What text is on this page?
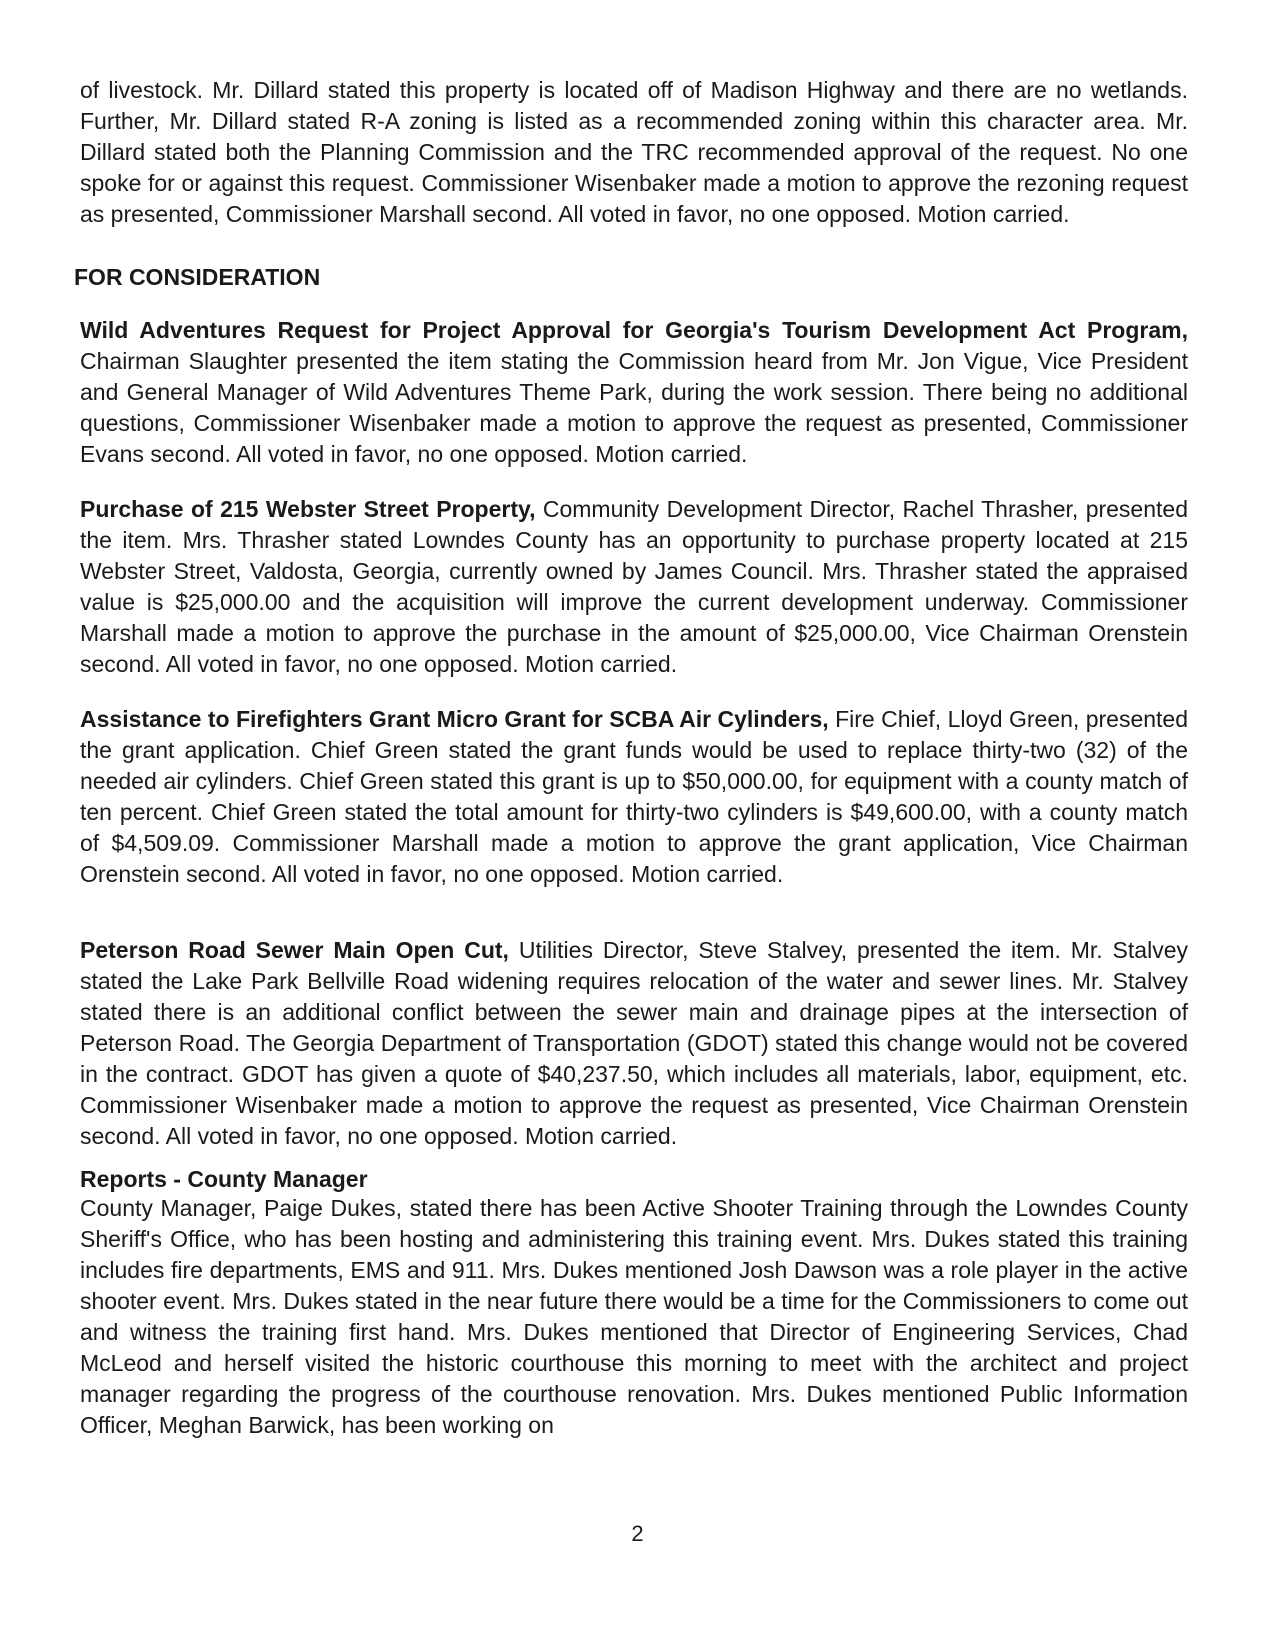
of livestock. Mr. Dillard stated this property is located off of Madison Highway and there are no wetlands. Further, Mr. Dillard stated R-A zoning is listed as a recommended zoning within this character area. Mr. Dillard stated both the Planning Commission and the TRC recommended approval of the request. No one spoke for or against this request. Commissioner Wisenbaker made a motion to approve the rezoning request as presented, Commissioner Marshall second. All voted in favor, no one opposed. Motion carried.

FOR CONSIDERATION

Wild Adventures Request for Project Approval for Georgia's Tourism Development Act Program, Chairman Slaughter presented the item stating the Commission heard from Mr. Jon Vigue, Vice President and General Manager of Wild Adventures Theme Park, during the work session. There being no additional questions, Commissioner Wisenbaker made a motion to approve the request as presented, Commissioner Evans second. All voted in favor, no one opposed. Motion carried.

Purchase of 215 Webster Street Property, Community Development Director, Rachel Thrasher, presented the item. Mrs. Thrasher stated Lowndes County has an opportunity to purchase property located at 215 Webster Street, Valdosta, Georgia, currently owned by James Council. Mrs. Thrasher stated the appraised value is $25,000.00 and the acquisition will improve the current development underway. Commissioner Marshall made a motion to approve the purchase in the amount of $25,000.00, Vice Chairman Orenstein second. All voted in favor, no one opposed. Motion carried.

Assistance to Firefighters Grant Micro Grant for SCBA Air Cylinders, Fire Chief, Lloyd Green, presented the grant application. Chief Green stated the grant funds would be used to replace thirty-two (32) of the needed air cylinders. Chief Green stated this grant is up to $50,000.00, for equipment with a county match of ten percent. Chief Green stated the total amount for thirty-two cylinders is $49,600.00, with a county match of $4,509.09. Commissioner Marshall made a motion to approve the grant application, Vice Chairman Orenstein second. All voted in favor, no one opposed. Motion carried.

Peterson Road Sewer Main Open Cut, Utilities Director, Steve Stalvey, presented the item. Mr. Stalvey stated the Lake Park Bellville Road widening requires relocation of the water and sewer lines. Mr. Stalvey stated there is an additional conflict between the sewer main and drainage pipes at the intersection of Peterson Road. The Georgia Department of Transportation (GDOT) stated this change would not be covered in the contract. GDOT has given a quote of $40,237.50, which includes all materials, labor, equipment, etc. Commissioner Wisenbaker made a motion to approve the request as presented, Vice Chairman Orenstein second. All voted in favor, no one opposed. Motion carried.

Reports - County Manager

County Manager, Paige Dukes, stated there has been Active Shooter Training through the Lowndes County Sheriff's Office, who has been hosting and administering this training event. Mrs. Dukes stated this training includes fire departments, EMS and 911. Mrs. Dukes mentioned Josh Dawson was a role player in the active shooter event. Mrs. Dukes stated in the near future there would be a time for the Commissioners to come out and witness the training first hand. Mrs. Dukes mentioned that Director of Engineering Services, Chad McLeod and herself visited the historic courthouse this morning to meet with the architect and project manager regarding the progress of the courthouse renovation. Mrs. Dukes mentioned Public Information Officer, Meghan Barwick, has been working on

2
